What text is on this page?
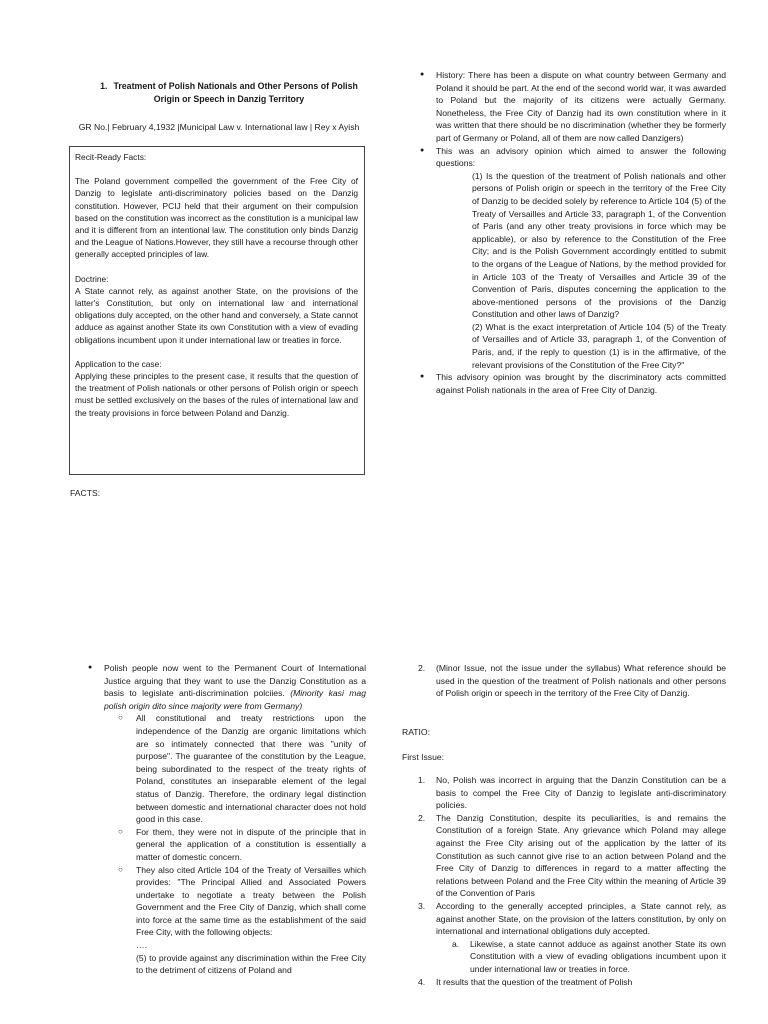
1. Treatment of Polish Nationals and Other Persons of Polish Origin or Speech in Danzig Territory
GR No.| February 4,1932 |Municipal Law v. International law | Rey x Ayish
Recit-Ready Facts:

The Poland government compelled the government of the Free City of Danzig to legislate anti-discriminatory policies based on the Danzig constitution. However, PCIJ held that their argument on their compulsion based on the constitution was incorrect as the constitution is a municipal law and it is different from an intentional law. The constitution only binds Danzig and the League of Nations.However, they still have a recourse through other generally accepted principles of law.

Doctrine:

A State cannot rely, as against another State, on the provisions of the latter's Constitution, but only on international law and international obligations duly accepted, on the other hand and conversely, a State cannot adduce as against another State its own Constitution with a view of evading obligations incumbent upon it under international law or treaties in force.

Application to the case:

Applying these principles to the present case, it results that the question of the treatment of Polish nationals or other persons of Polish origin or speech must be settled exclusively on the bases of the rules of international law and the treaty provisions in force between Poland and Danzig.

FACTS:
● History: There has been a dispute on what country between Germany and Poland it should be part. At the end of the second world war, it was awarded to Poland but the majority of its citizens were actually Germany. Nonetheless, the Free City of Danzig had its own constitution where in it was written that there should be no discrimination (whether they be formerly part of Germany or Poland, all of them are now called Danzigers)
● This was an advisory opinion which aimed to answer the following questions:
(1) Is the question of the treatment of Polish nationals and other persons of Polish origin or speech in the territory of the Free City of Danzig to be decided solely by reference to Article 104 (5) of the Treaty of Versailles and Article 33, paragraph 1, of the Convention of Paris (and any other treaty provisions in force which may be applicable), or also by reference to the Constitution of the Free City; and is the Polish Government accordingly entitled to submit to the organs of the League of Nations, by the method provided for in Article 103 of the Treaty of Versailles and Article 39 of the Convention of Paris, disputes concerning the application to the above-mentioned persons of the provisions of the Danzig Constitution and other laws of Danzig?
(2) What is the exact interpretation of Article 104 (5) of the Treaty of Versailles and of Article 33, paragraph 1, of the Convention of Paris, and, if the reply to question (1) is in the affirmative, of the relevant provisions of the Constitution of the Free City?"
● This advisory opinion was brought by the discriminatory acts committed against Polish nationals in the area of Free City of Danzig.
● Polish people now went to the Permanent Court of International Justice arguing that they want to use the Danzig Constitution as a basis to legislate anti-discrimination polciies. (Minority kasi mag polish origin dito since majority were from Germany)
○ All constitutional and treaty restrictions upon the independence of the Danzig are organic limitations which are so intimately connected that there was "unity of purpose". The guarantee of the constitution by the League, being subordinated to the respect of the treaty rights of Poland, constitutes an inseparable element of the legal status of Danzig. Therefore, the ordinary legal distinction between domestic and international character does not hold good in this case.
○ For them, they were not in dispute of the principle that in general the application of a constitution is essentially a matter of domestic concern.
○ They also cited Article 104 of the Treaty of Versailles which provides: "The Principal Allied and Associated Powers undertake to negotiate a treaty between the Polish Government and the Free City of Danzig, which shall come into force at the same time as the establishment of the said Free City, with the following objects:
….
(5) to provide against any discrimination within the Free City to the detriment of citizens of Poland and
2. (Minor Issue, not the issue under the syllabus) What reference should be used in the question of the treatment of Polish nationals and other persons of Polish origin or speech in the territory of the Free City of Danzig.
RATIO:
First Issue:
1. No, Polish was incorrect in arguing that the Danzin Constitution can be a basis to compel the Free City of Danzig to legislate anti-discriminatory policies.
2. The Danzig Constitution, despite its peculiarities, is and remains the Constitution of a foreign State. Any grievance which Poland may allege against the Free City arising out of the application by the latter of its Constitution as such cannot give rise to an action between Poland and the Free City of Danzig to differences in regard to a matter affecting the relations between Poland and the Free City within the meaning of Article 39 of the Convention of Paris
3. According to the generally accepted principles, a State cannot rely, as against another State, on the provision of the latters constitution, by only on international and international obligations duly accepted.
a. Likewise, a state cannot adduce as against another State its own Constitution with a view of evading obligations incumbent upon it under international law or treaties in force.
4. It results that the question of the treatment of Polish
